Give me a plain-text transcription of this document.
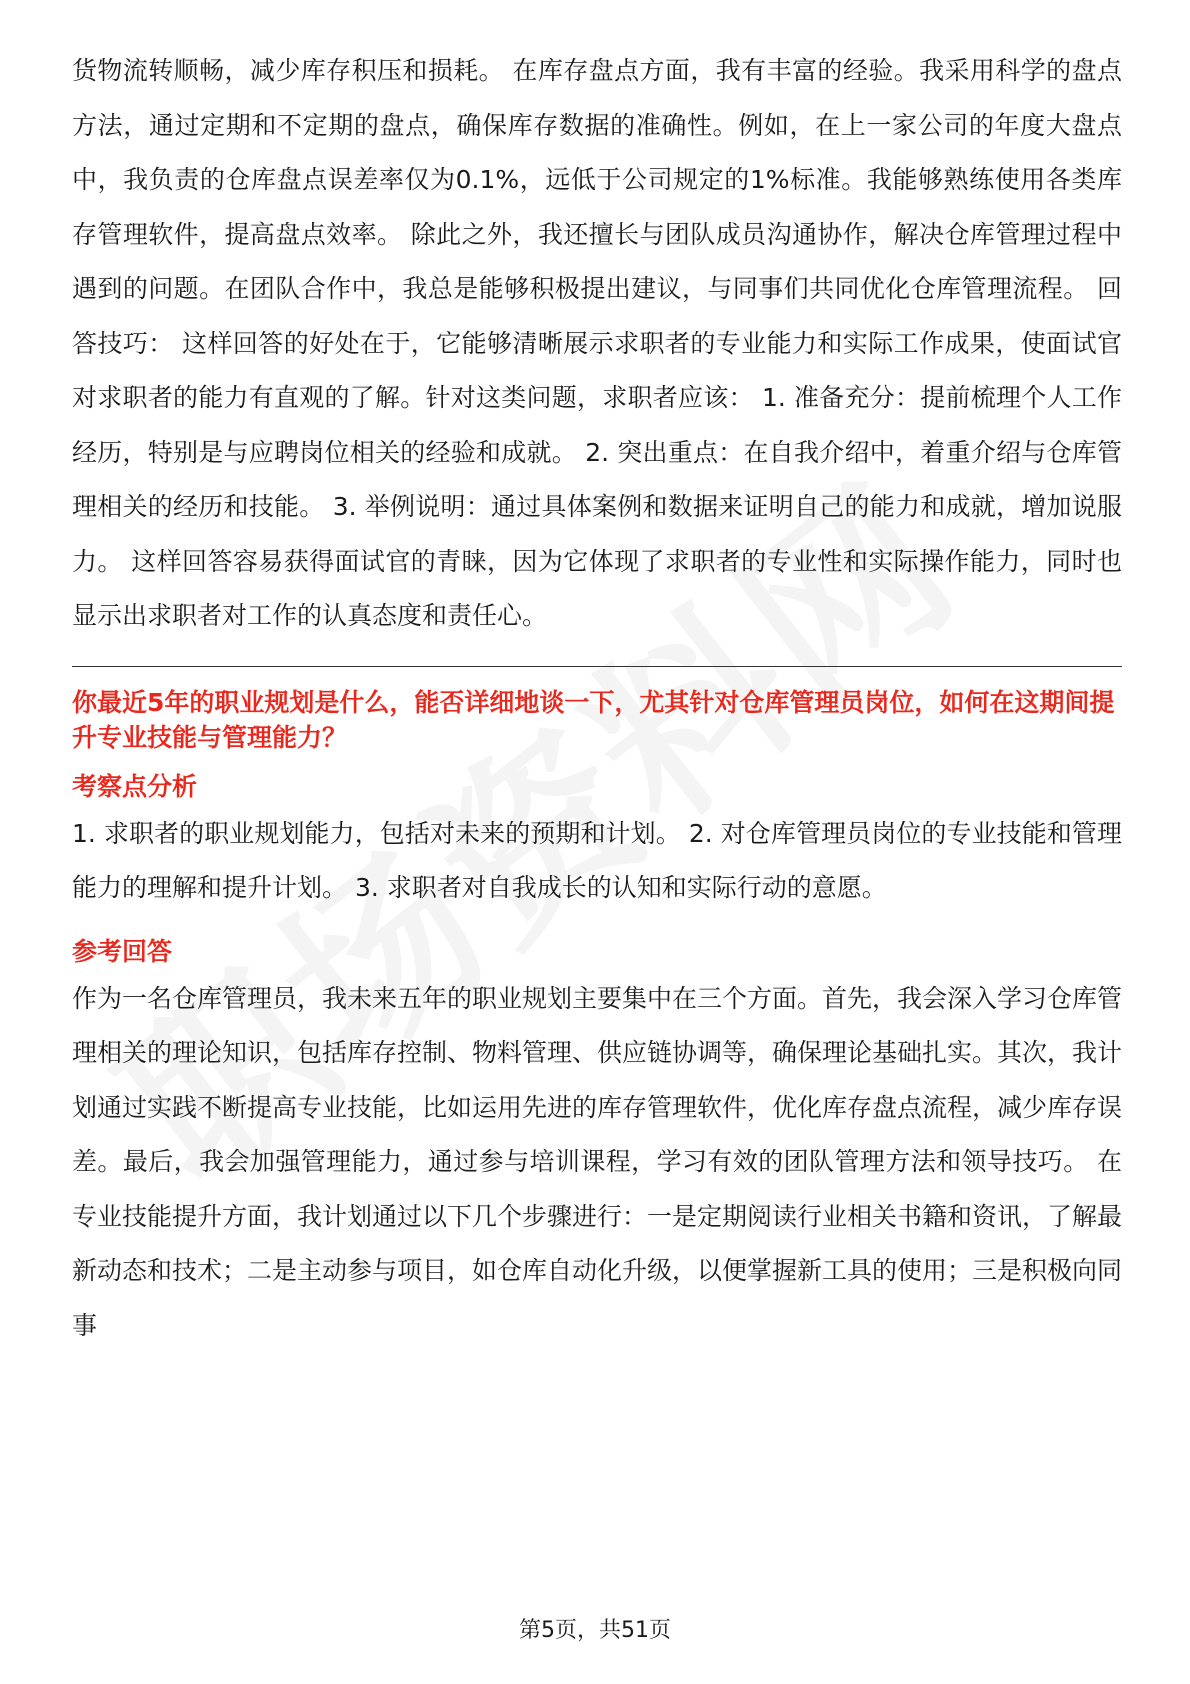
货物流转顺畅，减少库存积压和损耗。 在库存盘点方面，我有丰富的经验。我采用科学的盘点方法，通过定期和不定期的盘点，确保库存数据的准确性。例如，在上一家公司的年度大盘点中，我负责的仓库盘点误差率仅为0.1%，远低于公司规定的1%标准。我能够熟练使用各类库存管理软件，提高盘点效率。 除此之外，我还擅长与团队成员沟通协作，解决仓库管理过程中遇到的问题。在团队合作中，我总是能够积极提出建议，与同事们共同优化仓库管理流程。 回答技巧： 这样回答的好处在于，它能够清晰展示求职者的专业能力和实际工作成果，使面试官对求职者的能力有直观的了解。针对这类问题，求职者应该： 1. 准备充分：提前梳理个人工作经历，特别是与应聘岗位相关的经验和成就。 2. 突出重点：在自我介绍中，着重介绍与仓库管理相关的经历和技能。 3. 举例说明：通过具体案例和数据来证明自己的能力和成就，增加说服力。 这样回答容易获得面试官的青睐，因为它体现了求职者的专业性和实际操作能力，同时也显示出求职者对工作的认真态度和责任心。

你最近5年的职业规划是什么，能否详细地谈一下，尤其针对仓库管理员岗位，如何在这期间提升专业技能与管理能力？

考察点分析

1. 求职者的职业规划能力，包括对未来的预期和计划。 2. 对仓库管理员岗位的专业技能和管理能力的理解和提升计划。 3. 求职者对自我成长的认知和实际行动的意愿。

参考回答

作为一名仓库管理员，我未来五年的职业规划主要集中在三个方面。首先，我会深入学习仓库管理相关的理论知识，包括库存控制、物料管理、供应链协调等，确保理论基础扎实。其次，我计划通过实践不断提高专业技能，比如运用先进的库存管理软件，优化库存盘点流程，减少库存误差。最后，我会加强管理能力，通过参与培训课程，学习有效的团队管理方法和领导技巧。 在专业技能提升方面，我计划通过以下几个步骤进行：一是定期阅读行业相关书籍和资讯，了解最新动态和技术；二是主动参与项目，如仓库自动化升级，以便掌握新工具的使用；三是积极向同事

第5页，共51页
